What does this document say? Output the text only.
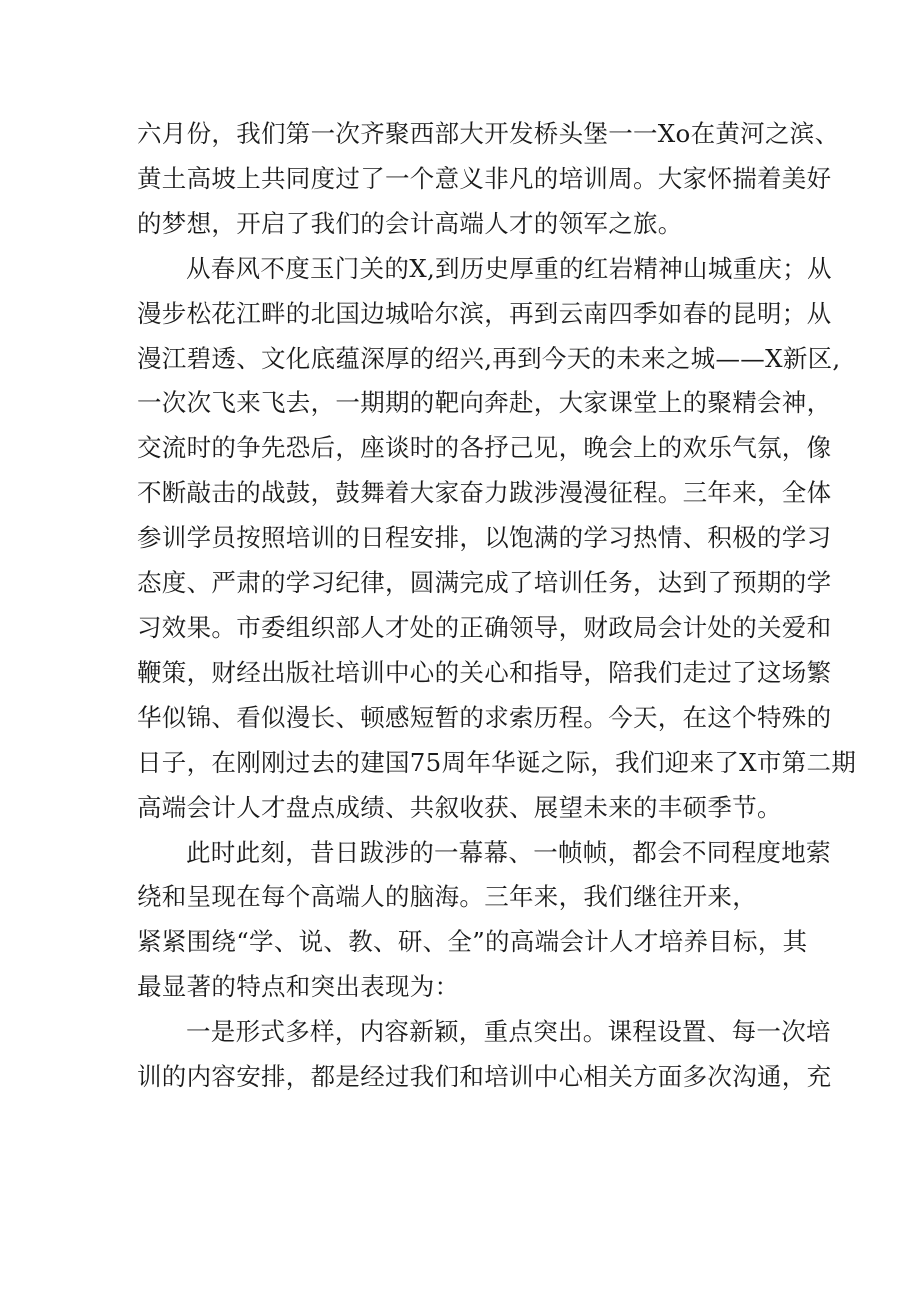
六月份，我们第一次齐聚西部大开发桥头堡一一Xo在黄河之滨、
黄土高坡上共同度过了一个意义非凡的培训周。大家怀揣着美好
的梦想，开启了我们的会计高端人才的领军之旅。

从春风不度玉门关的X,到历史厚重的红岩精神山城重庆；从
漫步松花江畔的北国边城哈尔滨，再到云南四季如春的昆明；从
漫江碧透、文化底蕴深厚的绍兴,再到今天的未来之城——X新区,
一次次飞来飞去，一期期的靶向奔赴，大家课堂上的聚精会神，
交流时的争先恐后，座谈时的各抒己见，晚会上的欢乐气氛，像
不断敲击的战鼓，鼓舞着大家奋力跋涉漫漫征程。三年来，全体
参训学员按照培训的日程安排，以饱满的学习热情、积极的学习
态度、严肃的学习纪律，圆满完成了培训任务，达到了预期的学
习效果。市委组织部人才处的正确领导，财政局会计处的关爱和
鞭策，财经出版社培训中心的关心和指导，陪我们走过了这场繁
华似锦、看似漫长、顿感短暂的求索历程。今天，在这个特殊的
日子，在刚刚过去的建国75周年华诞之际，我们迎来了X市第二期
高端会计人才盘点成绩、共叙收获、展望未来的丰硕季节。

此时此刻，昔日跋涉的一幕幕、一帧帧，都会不同程度地萦
绕和呈现在每个高端人的脑海。三年来，我们继往开来，

紧紧围绕“学、说、教、研、全”的高端会计人才培养目标，其
最显著的特点和突出表现为：

一是形式多样，内容新颖，重点突出。课程设置、每一次培
训的内容安排，都是经过我们和培训中心相关方面多次沟通，充
